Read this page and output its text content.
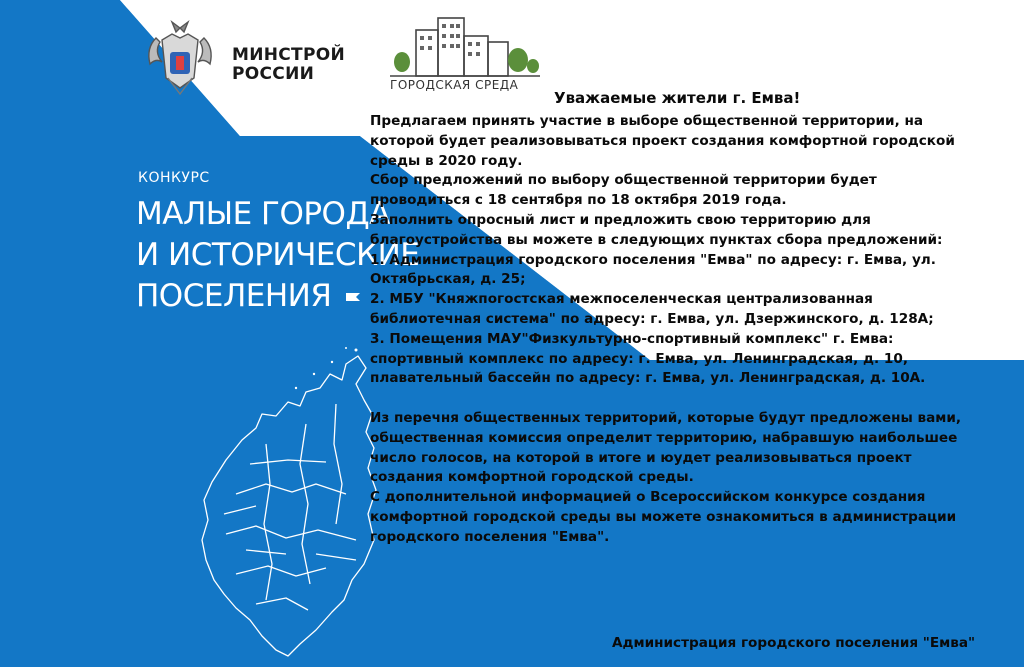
МИНСТРОЙ
РОССИИ
ГОРОДСКАЯ СРЕДА
КОНКУРС
МАЛЫЕ ГОРОДА
И ИСТОРИЧЕСКИЕ
ПОСЕЛЕНИЯ
Уважаемые жители г. Емва!

Предлагаем принять участие в выборе общественной территории, на

которой будет реализовываться проект создания комфортной городской

среды в 2020 году.

Сбор предложений по выбору общественной территории будет

проводиться с 18 сентября по 18 октября 2019 года.

Заполнить опросный лист и предложить свою территорию для

благоустройства вы можете в следующих пунктах сбора предложений:

1. Администрация городского поселения "Емва" по адресу: г. Емва, ул.

Октябрьская, д. 25;

2. МБУ "Княжпогостская межпоселенческая централизованная

библиотечная система" по адресу: г. Емва, ул. Дзержинского, д. 128А;

3. Помещения МАУ"Физкультурно-спортивный комплекс" г. Емва:

спортивный комплекс по адресу: г. Емва, ул. Ленинградская, д. 10,

плавательный бассейн по адресу: г. Емва, ул. Ленинградская, д. 10А.

Из перечня общественных территорий, которые будут предложены вами,

общественная комиссия определит территорию, набравшую наибольшее

число голосов, на которой в итоге и юудет реализовываться проект

создания комфортной городской среды.

С дополнительной информацией о Всероссийском конкурсе создания

комфортной городской среды вы можете ознакомиться в администрации

городского поселения "Емва".

Администрация городского поселения "Емва"
